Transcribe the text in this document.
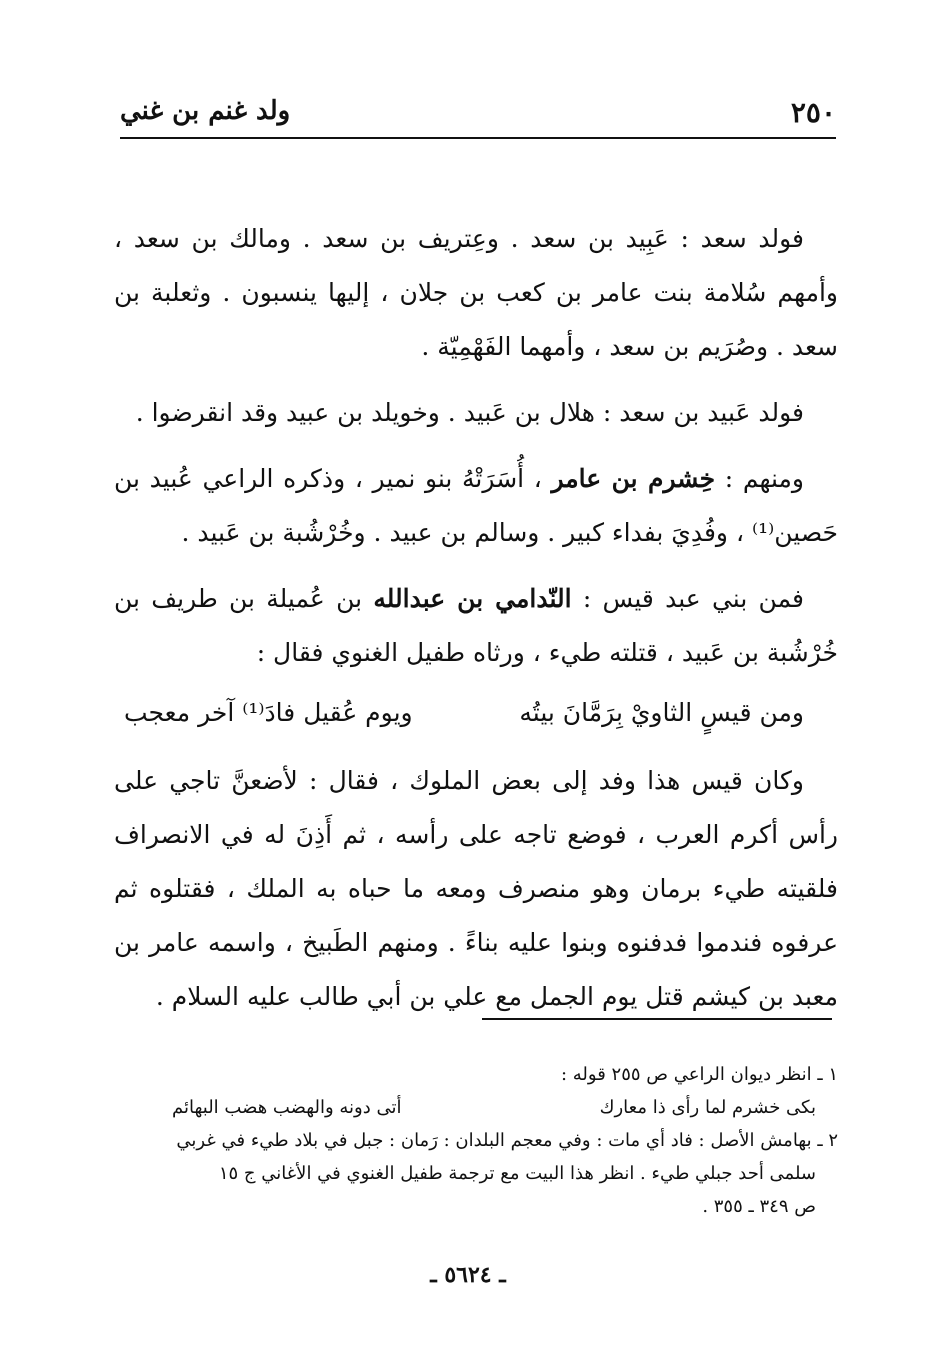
٢٥٠
ولد غنم بن غني

فولد سعد : عَبِيد بن سعد . وعِتريف بن سعد . ومالك بن سعد ، وأمهم سُلامة بنت عامر بن كعب بن جلان ، إليها ينسبون . وثعلبة بن سعد . وصُرَيم بن سعد ، وأمهما الفَهْمِيّة .

فولد عَبيد بن سعد : هلال بن عَبيد . وخويلد بن عبيد وقد انقرضوا .

ومنهم : خِشرم بن عامر ، أُسَرَتْهُ بنو نمير ، وذكره الراعي عُبيد بن حَصين⁽¹⁾ ، وفُدِيَ بفداء كبير . وسالم بن عبيد . وخُرْشُبة بن عَبيد .

فمن بني عبد قيس : النّدامي بن عبدالله بن عُميلة بن طريف بن خُرْشُبة بن عَبيد ، قتلته طيء ، ورثاه طفيل الغنوي فقال :

ومن قيسٍ الثاويْ بِرَمَّانَ بيتُه
ويوم عُقيل فادَ⁽¹⁾ آخر معجب

وكان قيس هذا وفد إلى بعض الملوك ، فقال : لأضعنَّ تاجي على رأس أكرم العرب ، فوضع تاجه على رأسه ، ثم أَذِنَ له في الانصراف فلقيته طيء برمان وهو منصرف ومعه ما حباه به الملك ، فقتلوه ثم عرفوه فندموا فدفنوه وبنوا عليه بناءً . ومنهم الطَبيخ ، واسمه عامر بن معبد بن كيشم قتل يوم الجمل مع علي بن أبي طالب عليه السلام .

١ ـ انظر ديوان الراعي ص ٢٥٥ قوله :

بكى خشرم لما رأى ذا معارك
أتى دونه والهضب هضب البهائم

٢ ـ بهامش الأصل : فاد أي مات : وفي معجم البلدان : رَمان : جبل في بلاد طيء في غربي

سلمى أحد جبلي طيء . انظر هذا البيت مع ترجمة طفيل الغنوي في الأغاني ج ١٥

ص ٣٤٩ ـ ٣٥٥ .

ـ ٥٦٢٤ ـ
